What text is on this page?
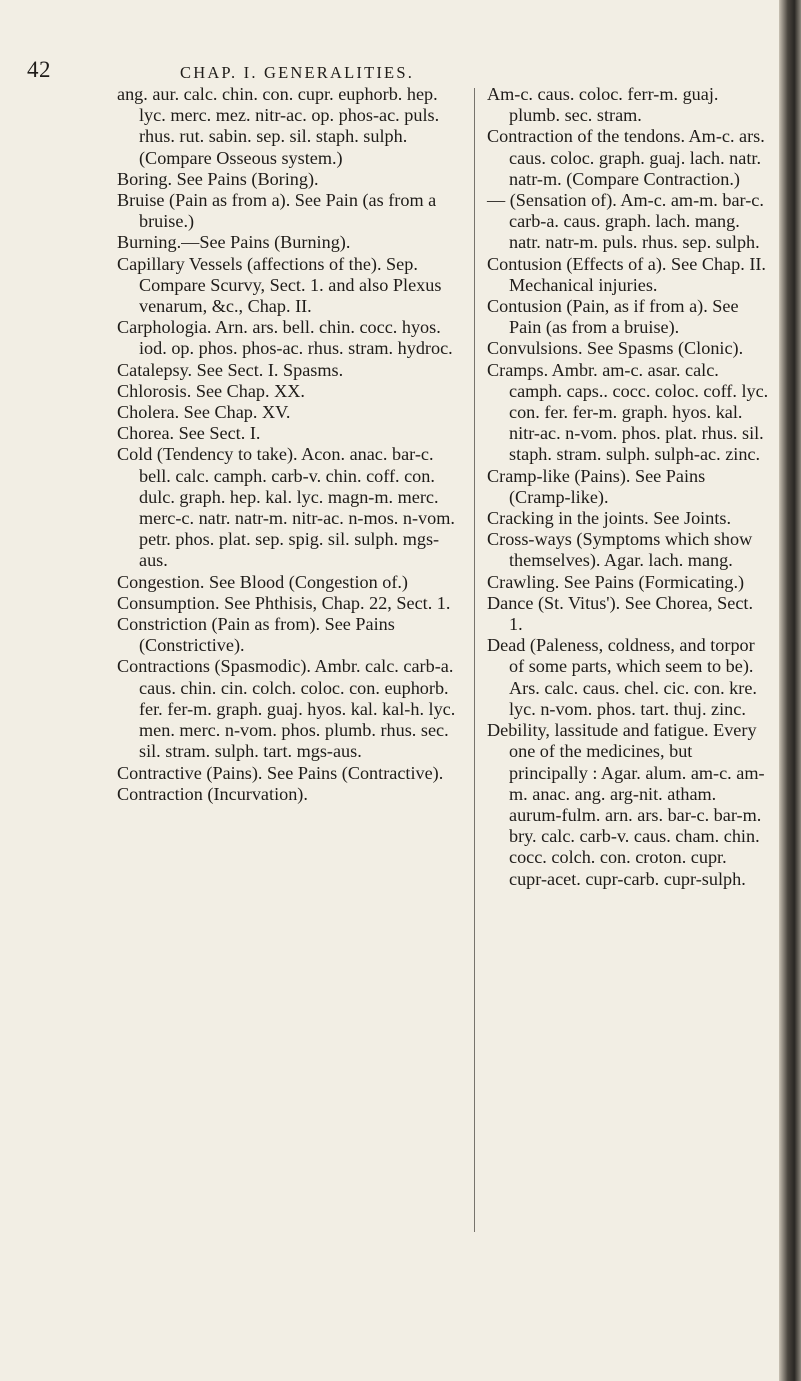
42	CHAP. I. GENERALITIES.

ang. aur. calc. chin. con. cupr. euphorb. hep. lyc. merc. mez. nitr-ac. op. phos-ac. puls. rhus. rut. sabin. sep. sil. staph. sulph. (Compare Osseous system.)

Boring. See Pains (Boring).

Bruise (Pain as from a). See Pain (as from a bruise.)

Burning.—See Pains (Burning).

Capillary Vessels (affections of the). Sep. Compare Scurvy, Sect. 1. and also Plexus venarum, &c., Chap. II.

Carphologia. Arn. ars. bell. chin. cocc. hyos. iod. op. phos. phos-ac. rhus. stram. hydroc.

Catalepsy. See Sect. I. Spasms.

Chlorosis. See Chap. XX.

Cholera. See Chap. XV.

Chorea. See Sect. I.

Cold (Tendency to take). Acon. anac. bar-c. bell. calc. camph. carb-v. chin. coff. con. dulc. graph. hep. kal. lyc. magn-m. merc. merc-c. natr. natr-m. nitr-ac. n-mos. n-vom. petr. phos. plat. sep. spig. sil. sulph. mgs-aus.

Congestion. See Blood (Congestion of.)

Consumption. See Phthisis, Chap. 22, Sect. 1.

Constriction (Pain as from). See Pains (Constrictive).

Contractions (Spasmodic). Ambr. calc. carb-a. caus. chin. cin. colch. coloc. con. euphorb. fer. fer-m. graph. guaj. hyos. kal. kal-h. lyc. men. merc. n-vom. phos. plumb. rhus. sec. sil. stram. sulph. tart. mgs-aus.

Contractive (Pains). See Pains (Contractive).

Contraction (Incurvation).

Am-c. caus. coloc. ferr-m. guaj. plumb. sec. stram.

Contraction of the tendons. Am-c. ars. caus. coloc. graph. guaj. lach. natr. natr-m. (Compare Contraction.)

— (Sensation of). Am-c. am-m. bar-c. carb-a. caus. graph. lach. mang. natr. natr-m. puls. rhus. sep. sulph.

Contusion (Effects of a). See Chap. II. Mechanical injuries.

Contusion (Pain, as if from a). See Pain (as from a bruise).

Convulsions. See Spasms (Clonic).

Cramps. Ambr. am-c. asar. calc. camph. caps.. cocc. coloc. coff. lyc. con. fer. fer-m. graph. hyos. kal. nitr-ac. n-vom. phos. plat. rhus. sil. staph. stram. sulph. sulph-ac. zinc.

Cramp-like (Pains). See Pains (Cramp-like).

Cracking in the joints. See Joints.

Cross-ways (Symptoms which show themselves). Agar. lach. mang.

Crawling. See Pains (Formicating.)

Dance (St. Vitus'). See Chorea, Sect. 1.

Dead (Paleness, coldness, and torpor of some parts, which seem to be). Ars. calc. caus. chel. cic. con. kre. lyc. n-vom. phos. tart. thuj. zinc.

Debility, lassitude and fatigue. Every one of the medicines, but principally : Agar. alum. am-c. am-m. anac. ang. arg-nit. atham. aurum-fulm. arn. ars. bar-c. bar-m. bry. calc. carb-v. caus. cham. chin. cocc. colch. con. croton. cupr. cupr-acet. cupr-carb. cupr-sulph.
